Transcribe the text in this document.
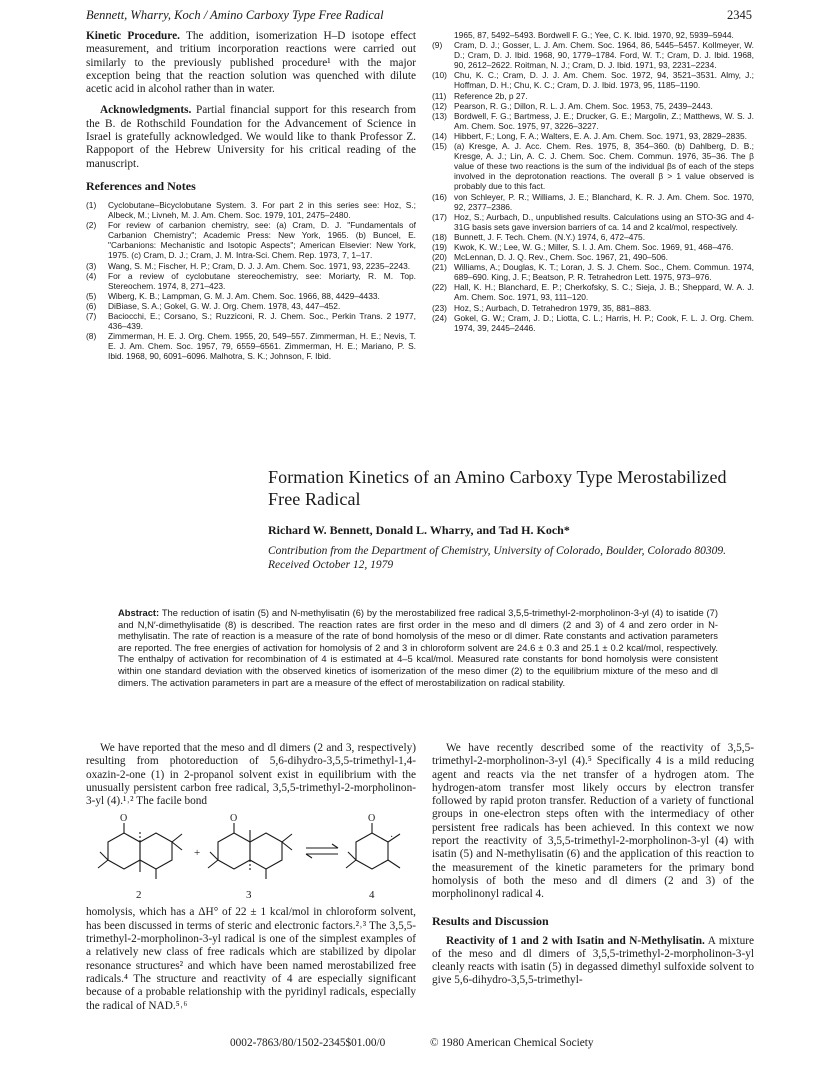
Bennett, Wharry, Koch / Amino Carboxy Type Free Radical	2345

Kinetic Procedure. The addition, isomerization H–D isotope effect measurement, and tritium incorporation reactions were carried out similarly to the previously published procedure¹ with the major exception being that the reaction solution was quenched with dilute acetic acid in alcohol rather than in water.

Acknowledgments. Partial financial support for this research from the B. de Rothschild Foundation for the Advancement of Science in Israel is gratefully acknowledged. We would like to thank Professor Z. Rappoport of the Hebrew University for his critical reading of the manuscript.

References and Notes
(1) Cyclobutane–Bicyclobutane System. 3. For part 2 in this series see: Hoz, S.; Albeck, M.; Livneh, M. J. Am. Chem. Soc. 1979, 101, 2475–2480.
(2) For review of carbanion chemistry, see: (a) Cram, D. J. "Fundamentals of Carbanion Chemistry"; Academic Press: New York, 1965. (b) Buncel, E. "Carbanions: Mechanistic and Isotopic Aspects"; American Elsevier: New York, 1975. (c) Cram, D. J.; Cram, J. M. Intra-Sci. Chem. Rep. 1973, 7, 1–17.
(3) Wang, S. M.; Fischer, H. P.; Cram, D. J. J. Am. Chem. Soc. 1971, 93, 2235–2243.
(4) For a review of cyclobutane stereochemistry, see: Moriarty, R. M. Top. Stereochem. 1974, 8, 271–423.
(5) Wiberg, K. B.; Lampman, G. M. J. Am. Chem. Soc. 1966, 88, 4429–4433.
(6) DiBiase, S. A.; Gokel, G. W. J. Org. Chem. 1978, 43, 447–452.
(7) Baciocchi, E.; Corsano, S.; Ruzziconi, R. J. Chem. Soc., Perkin Trans. 2 1977, 436–439.
(8) Zimmerman, H. E. J. Org. Chem. 1955, 20, 549–557. Zimmerman, H. E.; Nevis, T. E. J. Am. Chem. Soc. 1957, 79, 6559–6561. Zimmerman, H. E.; Mariano, P. S. Ibid. 1968, 90, 6091–6096. Malhotra, S. K.; Johnson, F. Ibid.
1965, 87, 5492–5493. Bordwell F. G.; Yee, C. K. Ibid. 1970, 92, 5939–5944.
(9) Cram, D. J.; Gosser, L. J. Am. Chem. Soc. 1964, 86, 5445–5457. Kollmeyer, W. D.; Cram, D. J. Ibid. 1968, 90, 1779–1784. Ford, W. T.; Cram, D. J. Ibid. 1968, 90, 2612–2622. Roitman, N. J.; Cram, D. J. Ibid. 1971, 93, 2231–2234.
(10) Chu, K. C.; Cram, D. J. J. Am. Chem. Soc. 1972, 94, 3521–3531. Almy, J.; Hoffman, D. H.; Chu, K. C.; Cram, D. J. Ibid. 1973, 95, 1185–1190.
(11) Reference 2b, p 27.
(12) Pearson, R. G.; Dillon, R. L. J. Am. Chem. Soc. 1953, 75, 2439–2443.
(13) Bordwell, F. G.; Bartmess, J. E.; Drucker, G. E.; Margolin, Z.; Matthews, W. S. J. Am. Chem. Soc. 1975, 97, 3226–3227.
(14) Hibbert, F.; Long, F. A.; Walters, E. A. J. Am. Chem. Soc. 1971, 93, 2829–2835.
(15) (a) Kresge, A. J. Acc. Chem. Res. 1975, 8, 354–360. (b) Dahlberg, D. B.; Kresge, A. J.; Lin, A. C. J. Chem. Soc. Chem. Commun. 1976, 35–36. The β value of these two reactions is the sum of the individual βs of each of the steps involved in the deprotonation reactions. The overall β > 1 value observed is probably due to this fact.
(16) von Schleyer, P. R.; Williams, J. E.; Blanchard, K. R. J. Am. Chem. Soc. 1970, 92, 2377–2386.
(17) Hoz, S.; Aurbach, D., unpublished results. Calculations using an STO-3G and 4-31G basis sets gave inversion barriers of ca. 14 and 2 kcal/mol, respectively.
(18) Bunnett, J. F. Tech. Chem. (N.Y.) 1974, 6, 472–475.
(19) Kwok, K. W.; Lee, W. G.; Miller, S. I. J. Am. Chem. Soc. 1969, 91, 468–476.
(20) McLennan, D. J. Q. Rev., Chem. Soc. 1967, 21, 490–506.
(21) Williams, A.; Douglas, K. T.; Loran, J. S. J. Chem. Soc., Chem. Commun. 1974, 689–690. King, J. F.; Beatson, P. R. Tetrahedron Lett. 1975, 973–976.
(22) Hall, K. H.; Blanchard, E. P.; Cherkofsky, S. C.; Sieja, J. B.; Sheppard, W. A. J. Am. Chem. Soc. 1971, 93, 111–120.
(23) Hoz, S.; Aurbach, D. Tetrahedron 1979, 35, 881–883.
(24) Gokel, G. W.; Cram, J. D.; Liotta, C. L.; Harris, H. P.; Cook, F. L. J. Org. Chem. 1974, 39, 2445–2446.
Formation Kinetics of an Amino Carboxy Type Merostabilized Free Radical
Richard W. Bennett, Donald L. Wharry, and Tad H. Koch*
Contribution from the Department of Chemistry, University of Colorado, Boulder, Colorado 80309. Received October 12, 1979
Abstract: The reduction of isatin (5) and N-methylisatin (6) by the merostabilized free radical 3,5,5-trimethyl-2-morpholinon-3-yl (4) to isatide (7) and N,N′-dimethylisatide (8) is described. The reaction rates are first order in the meso and dl dimers (2 and 3) of 4 and zero order in N-methylisatin. The rate of reaction is a measure of the rate of bond homolysis of the meso or dl dimer. Rate constants and activation parameters are reported. The free energies of activation for homolysis of 2 and 3 in chloroform solvent are 24.6 ± 0.3 and 25.1 ± 0.2 kcal/mol, respectively. The enthalpy of activation for recombination of 4 is estimated at 4–5 kcal/mol. Measured rate constants for bond homolysis were consistent within one standard deviation with the observed kinetics of isomerization of the meso dimer (2) to the equilibrium mixture of the meso and dl dimers. The activation parameters in part are a measure of the effect of merostabilization on radical stability.

We have reported that the meso and dl dimers (2 and 3, respectively) resulting from photoreduction of 5,6-dihydro-3,5,5-trimethyl-1,4-oxazin-2-one (1) in 2-propanol solvent exist in equilibrium with the unusually persistent carbon free radical, 3,5,5-trimethyl-2-morpholinon-3-yl (4).¹˒² The facile bond

O	O	O
·
2
+
3	4

homolysis, which has a ΔH° of 22 ± 1 kcal/mol in chloroform solvent, has been discussed in terms of steric and electronic factors.²˒³ The 3,5,5-trimethyl-2-morpholinon-3-yl radical is one of the simplest examples of a relatively new class of free radicals which are stabilized by dipolar resonance structures² and which have been named merostabilized free radicals.⁴ The structure and reactivity of 4 are especially significant because of a probable relationship with the pyridinyl radicals, especially the radical of NAD.⁵˒⁶

We have recently described some of the reactivity of 3,5,5-trimethyl-2-morpholinon-3-yl (4).⁵ Specifically 4 is a mild reducing agent and reacts via the net transfer of a hydrogen atom. The hydrogen-atom transfer most likely occurs by electron transfer followed by rapid proton transfer. Reduction of a variety of functional groups in one-electron steps often with the intermediacy of other persistent free radicals has been achieved. In this context we now report the reactivity of 3,5,5-trimethyl-2-morpholinon-3-yl (4) with isatin (5) and N-methylisatin (6) and the application of this reaction to the measurement of the kinetic parameters for the primary bond homolysis of both the meso and dl dimers (2 and 3) of the morpholinonyl radical 4.

Results and Discussion

Reactivity of 1 and 2 with Isatin and N-Methylisatin. A mixture of the meso and dl dimers of 3,5,5-trimethyl-2-morpholinon-3-yl cleanly reacts with isatin (5) in degassed dimethyl sulfoxide solvent to give 5,6-dihydro-3,5,5-trimethyl-

0002-7863/80/1502-2345$01.00/0	© 1980 American Chemical Society
